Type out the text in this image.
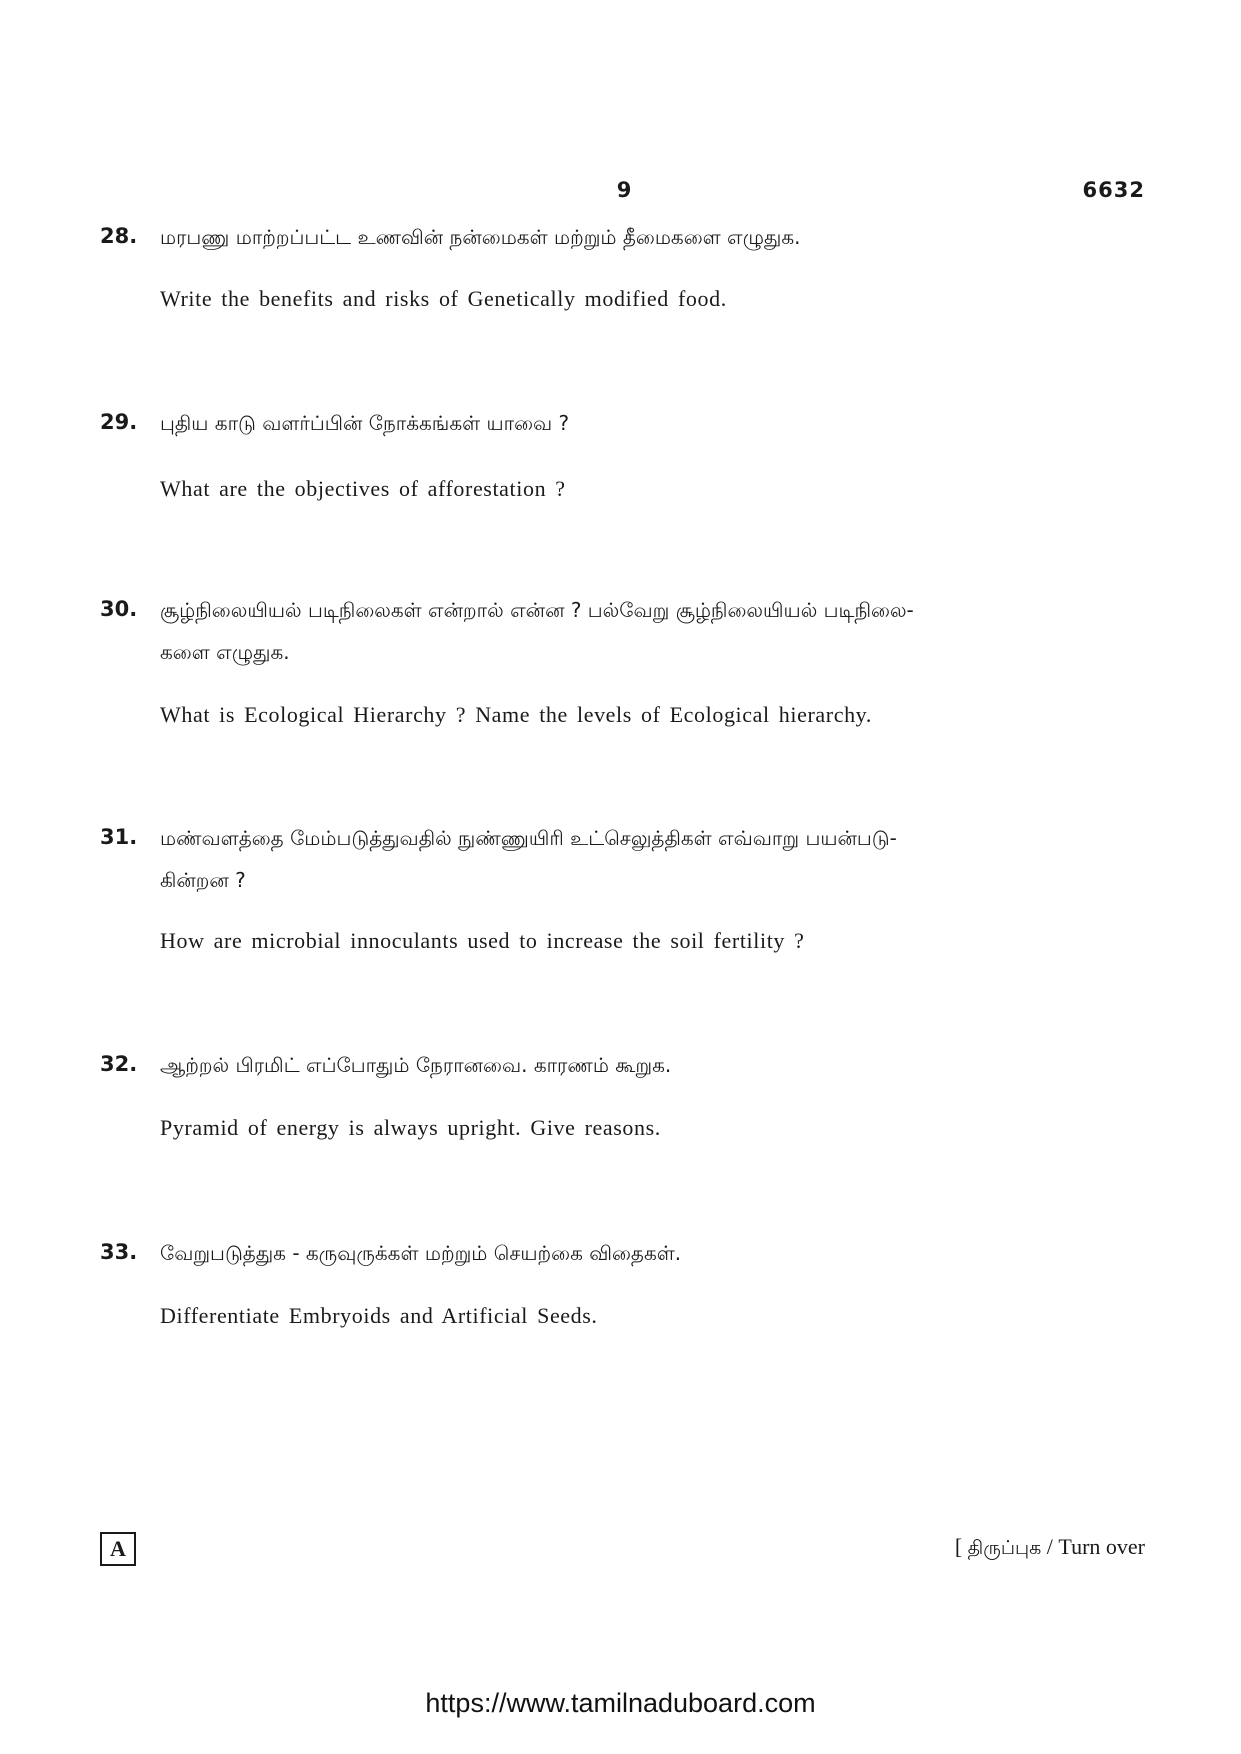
9	6632
28. மரபணு மாற்றப்பட்ட உணவின் நன்மைகள் மற்றும் தீமைகளை எழுதுக.
Write the benefits and risks of Genetically modified food.
29. புதிய காடு வளர்ப்பின் நோக்கங்கள் யாவை ?
What are the objectives of afforestation ?
30. சூழ்நிலையியல் படிநிலைகள் என்றால் என்ன ? பல்வேறு சூழ்நிலையியல் படிநிலை-
களை எழுதுக.
What is Ecological Hierarchy ? Name the levels of Ecological hierarchy.
31. மண்வளத்தை மேம்படுத்துவதில் நுண்ணுயிரி உட்செலுத்திகள் எவ்வாறு பயன்படு-
கின்றன ?
How are microbial innoculants used to increase the soil fertility ?
32. ஆற்றல் பிரமிட் எப்போதும் நேரானவை. காரணம் கூறுக.
Pyramid of energy is always upright. Give reasons.
33. வேறுபடுத்துக - கருவுருக்கள் மற்றும் செயற்கை விதைகள்.
Differentiate Embryoids and Artificial Seeds.
A	[ திருப்புக / Turn over
https://www.tamilnaduboard.com
